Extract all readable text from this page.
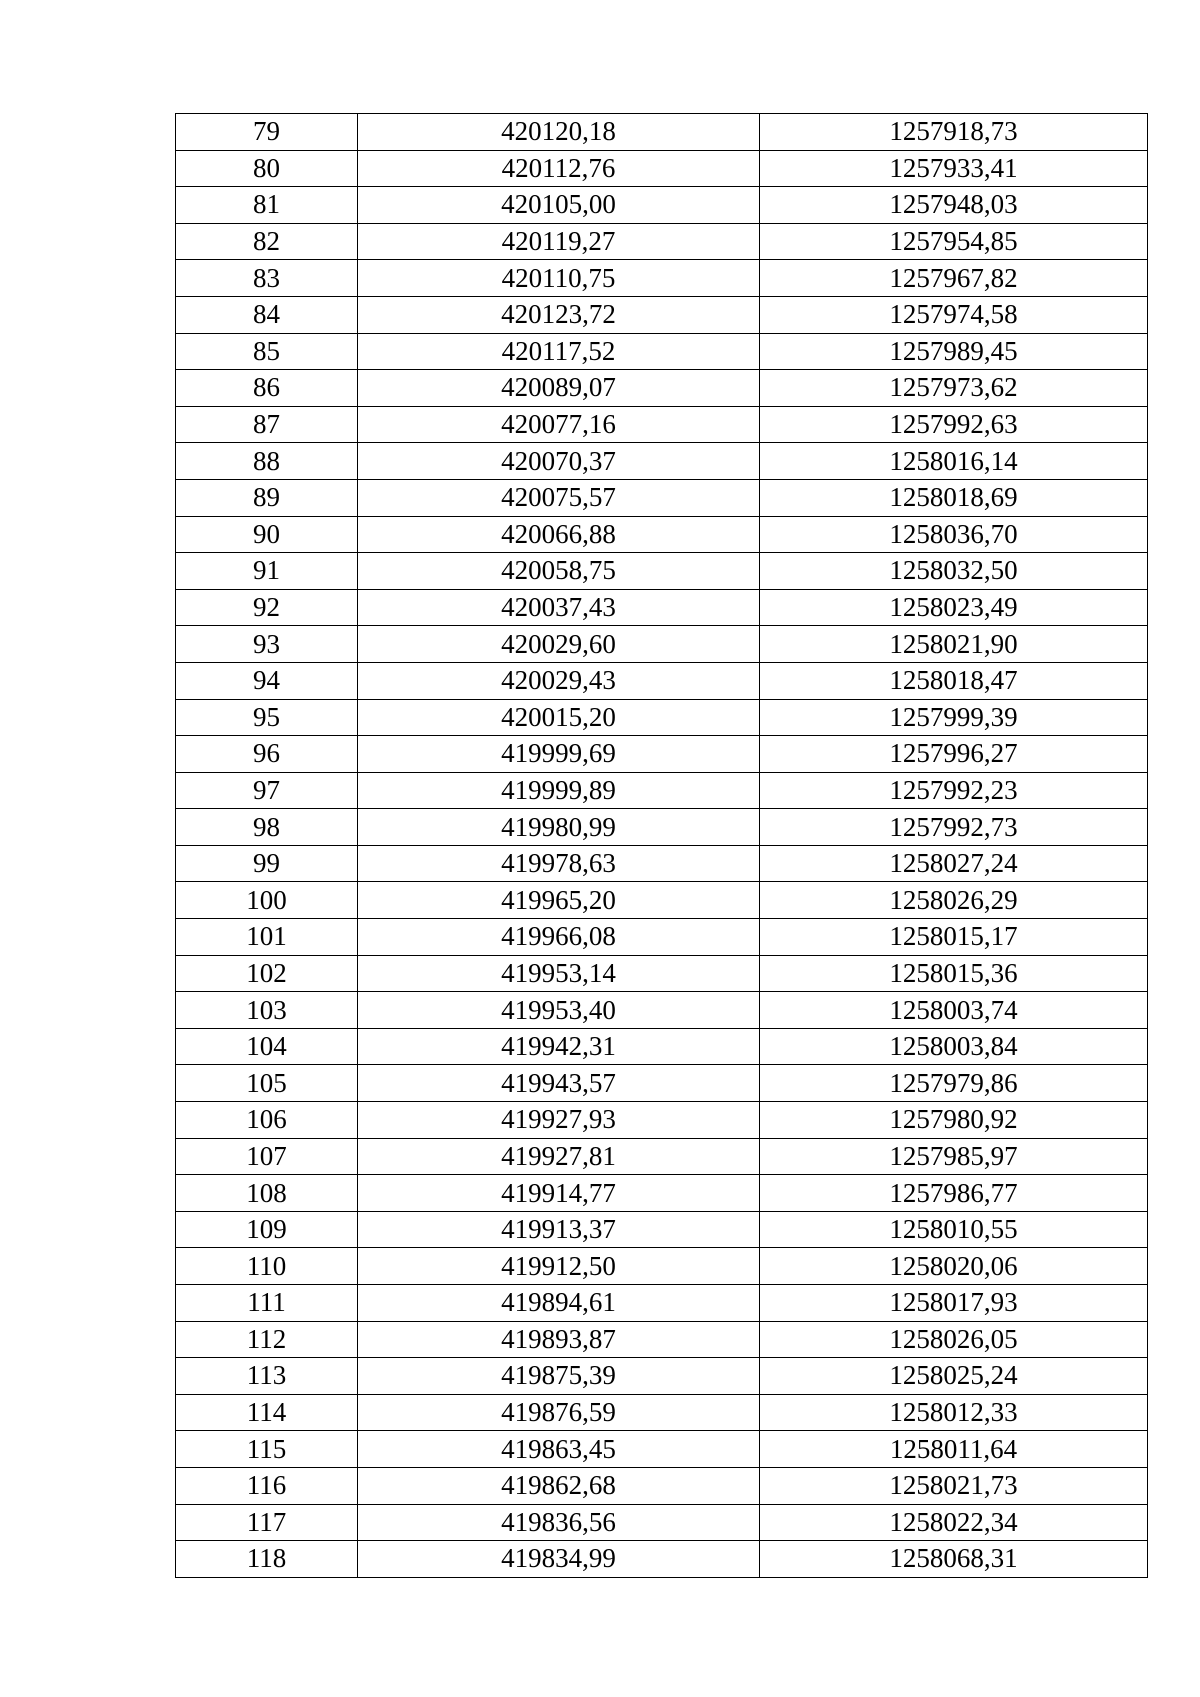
79	420120,18	1257918,73
80	420112,76	1257933,41
81	420105,00	1257948,03
82	420119,27	1257954,85
83	420110,75	1257967,82
84	420123,72	1257974,58
85	420117,52	1257989,45
86	420089,07	1257973,62
87	420077,16	1257992,63
88	420070,37	1258016,14
89	420075,57	1258018,69
90	420066,88	1258036,70
91	420058,75	1258032,50
92	420037,43	1258023,49
93	420029,60	1258021,90
94	420029,43	1258018,47
95	420015,20	1257999,39
96	419999,69	1257996,27
97	419999,89	1257992,23
98	419980,99	1257992,73
99	419978,63	1258027,24
100	419965,20	1258026,29
101	419966,08	1258015,17
102	419953,14	1258015,36
103	419953,40	1258003,74
104	419942,31	1258003,84
105	419943,57	1257979,86
106	419927,93	1257980,92
107	419927,81	1257985,97
108	419914,77	1257986,77
109	419913,37	1258010,55
110	419912,50	1258020,06
111	419894,61	1258017,93
112	419893,87	1258026,05
113	419875,39	1258025,24
114	419876,59	1258012,33
115	419863,45	1258011,64
116	419862,68	1258021,73
117	419836,56	1258022,34
118	419834,99	1258068,31
